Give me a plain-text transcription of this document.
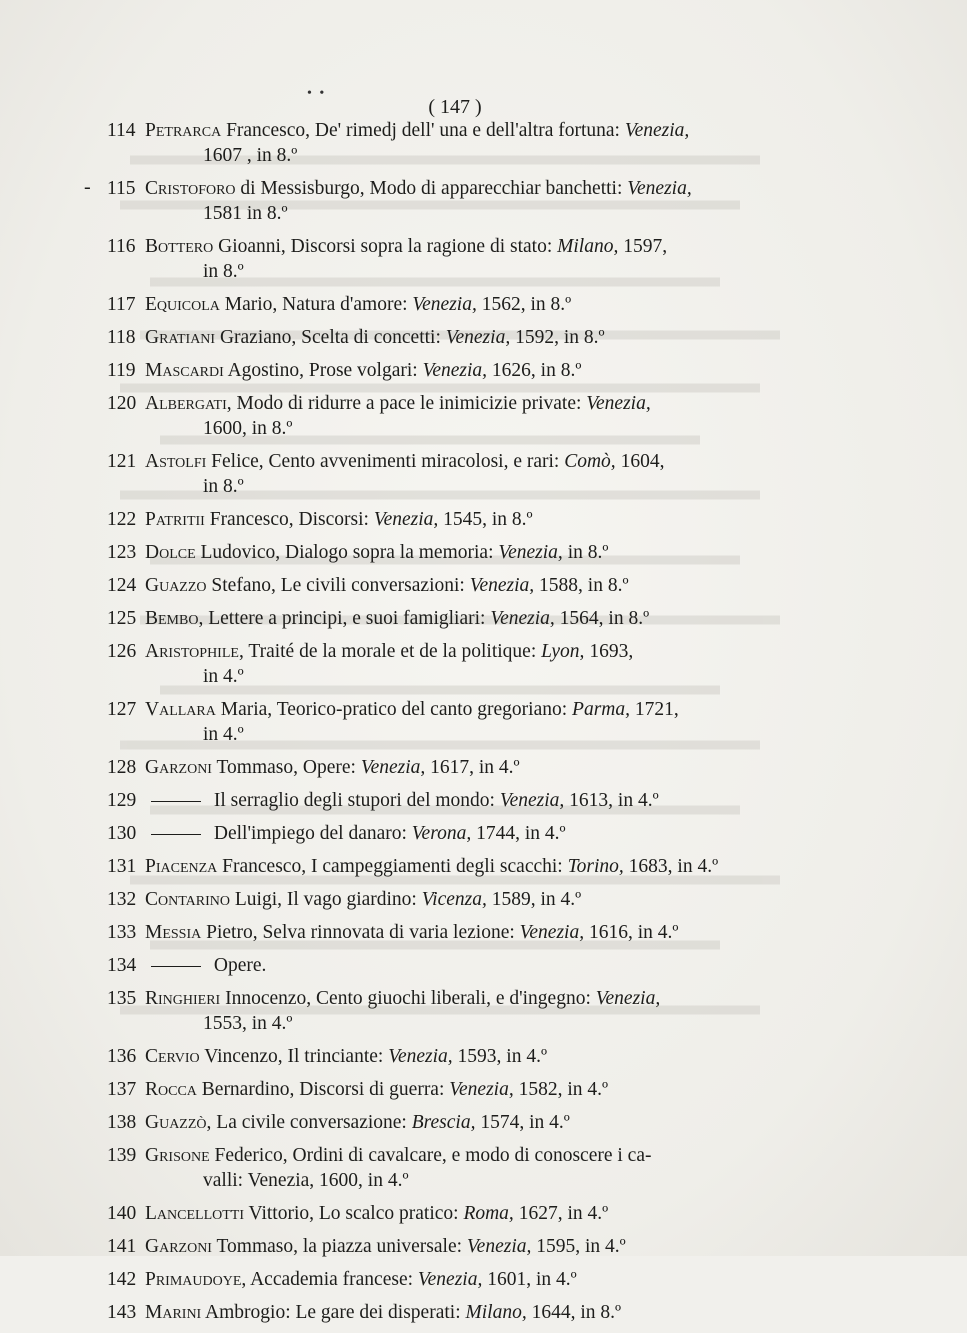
• •
( 147 )
-
114 Petrarca Francesco, De' rimedj dell' una e dell'altra fortuna: Venezia,
1607 , in 8.º
115 Cristoforo di Messisburgo, Modo di apparecchiar banchetti: Venezia,
1581 in 8.º
116 Bottero Gioanni, Discorsi sopra la ragione di stato: Milano, 1597,
in 8.º
117 Equicola Mario, Natura d'amore: Venezia, 1562, in 8.º
118 Gratiani Graziano, Scelta di concetti: Venezia, 1592, in 8.º
119 Mascardi Agostino, Prose volgari: Venezia, 1626, in 8.º
120 Albergati, Modo di ridurre a pace le inimicizie private: Venezia,
1600, in 8.º
121 Astolfi Felice, Cento avvenimenti miracolosi, e rari: Comò, 1604,
in 8.º
122 Patritii Francesco, Discorsi: Venezia, 1545, in 8.º
123 Dolce Ludovico, Dialogo sopra la memoria: Venezia, in 8.º
124 Guazzo Stefano, Le civili conversazioni: Venezia, 1588, in 8.º
125 Bembo, Lettere a principi, e suoi famigliari: Venezia, 1564, in 8.º
126 Aristophile, Traité de la morale et de la politique: Lyon, 1693,
in 4.º
127 Vallara Maria, Teorico-pratico del canto gregoriano: Parma, 1721,
in 4.º
128 Garzoni Tommaso, Opere: Venezia, 1617, in 4.º
129	Il serraglio degli stupori del mondo: Venezia, 1613, in 4.º
130	Dell'impiego del danaro: Verona, 1744, in 4.º
131 Piacenza Francesco, I campeggiamenti degli scacchi: Torino, 1683, in 4.º
132 Contarino Luigi, Il vago giardino: Vicenza, 1589, in 4.º
133 Messia Pietro, Selva rinnovata di varia lezione: Venezia, 1616, in 4.º
134	Opere.
135 Ringhieri Innocenzo, Cento giuochi liberali, e d'ingegno: Venezia,
1553, in 4.º
136 Cervio Vincenzo, Il trinciante: Venezia, 1593, in 4.º
137 Rocca Bernardino, Discorsi di guerra: Venezia, 1582, in 4.º
138 Guazzò, La civile conversazione: Brescia, 1574, in 4.º
139 Grisone Federico, Ordini di cavalcare, e modo di conoscere i ca-
valli: Venezia, 1600, in 4.º
140 Lancellotti Vittorio, Lo scalco pratico: Roma, 1627, in 4.º
141 Garzoni Tommaso, la piazza universale: Venezia, 1595, in 4.º
142 Primaudoye, Accademia francese: Venezia, 1601, in 4.º
143 Marini Ambrogio: Le gare dei disperati: Milano, 1644, in 8.º
